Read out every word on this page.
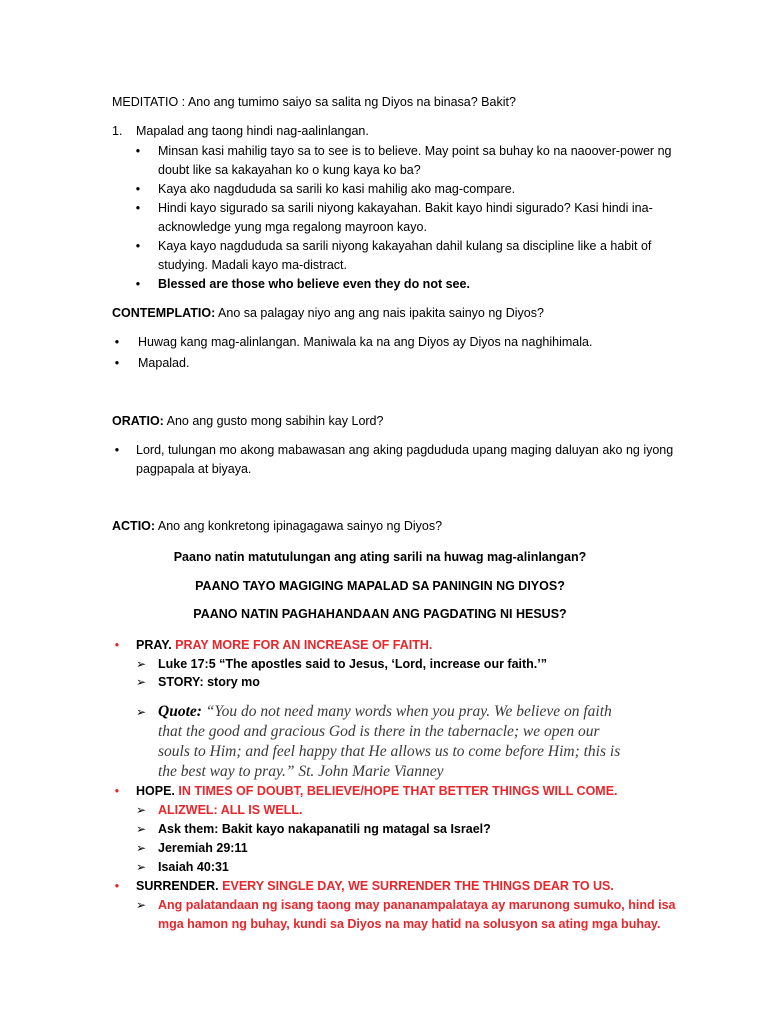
MEDITATIO : Ano ang tumimo saiyo sa salita ng Diyos na binasa? Bakit?
1. Mapalad ang taong hindi nag-aalinlangan.
•
Minsan kasi mahilig tayo sa to see is to believe. May point sa buhay ko na naoover-power ng doubt like sa kakayahan ko o kung kaya ko ba?
•
Kaya ako nagdududa sa sarili ko kasi mahilig ako mag-compare.
•
Hindi kayo sigurado sa sarili niyong kakayahan. Bakit kayo hindi sigurado? Kasi hindi ina-acknowledge yung mga regalong mayroon kayo.
•
Kaya kayo nagdududa sa sarili niyong kakayahan dahil kulang sa discipline like a habit of studying. Madali kayo ma-distract.
•
Blessed are those who believe even they do not see.
CONTEMPLATIO: Ano sa palagay niyo ang ang nais ipakita sainyo ng Diyos?
•
Huwag kang mag-alinlangan. Maniwala ka na ang Diyos ay Diyos na naghihimala.
•
Mapalad.
ORATIO: Ano ang gusto mong sabihin kay Lord?
•
Lord, tulungan mo akong mabawasan ang aking pagdududa upang maging daluyan ako ng iyong pagpapala at biyaya.
ACTIO: Ano ang konkretong ipinagagawa sainyo ng Diyos?
Paano natin matutulungan ang ating sarili na huwag mag-alinlangan?
PAANO TAYO MAGIGING MAPALAD SA PANINGIN NG DIYOS?
PAANO NATIN PAGHAHANDAAN ANG PAGDATING NI HESUS?
•
PRAY. PRAY MORE FOR AN INCREASE OF FAITH.
➢
Luke 17:5 “The apostles said to Jesus, ‘Lord, increase our faith.’”
➢
STORY: story mo
➢
Quote: “You do not need many words when you pray. We believe on faith
that the good and gracious God is there in the tabernacle; we open our
souls to Him; and feel happy that He allows us to come before Him; this is
the best way to pray.” St. John Marie Vianney
•
HOPE. IN TIMES OF DOUBT, BELIEVE/HOPE THAT BETTER THINGS WILL COME.
➢
ALIZWEL: ALL IS WELL.
➢
Ask them: Bakit kayo nakapanatili ng matagal sa Israel?
➢
Jeremiah 29:11
➢
Isaiah 40:31
•
SURRENDER. EVERY SINGLE DAY, WE SURRENDER THE THINGS DEAR TO US.
➢
Ang palatandaan ng isang taong may pananampalataya ay marunong sumuko, hind isa
mga hamon ng buhay, kundi sa Diyos na may hatid na solusyon sa ating mga buhay.
